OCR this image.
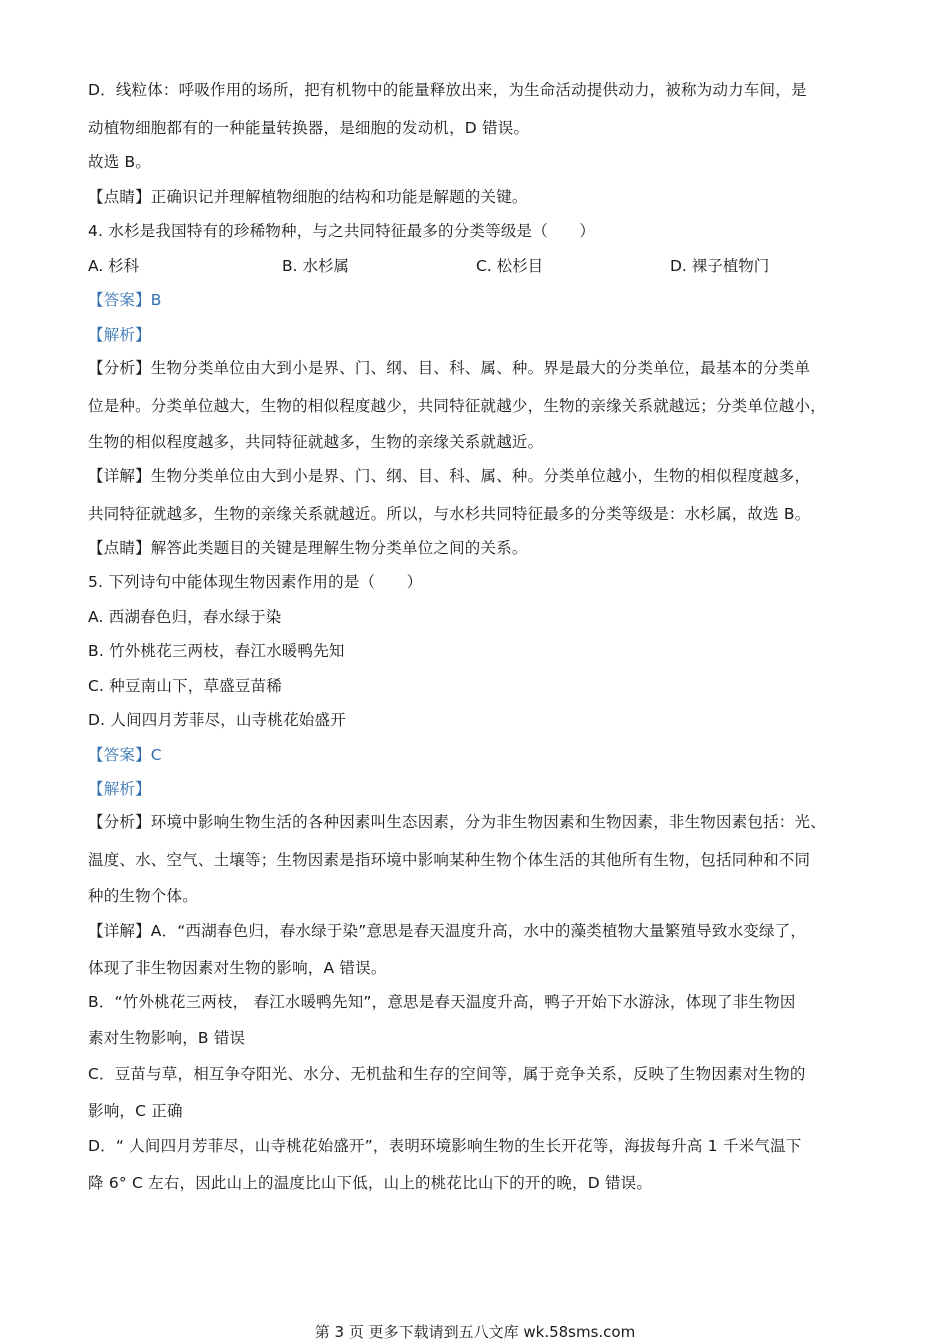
D．线粒体：呼吸作用的场所，把有机物中的能量释放出来，为生命活动提供动力，被称为动力车间，是
动植物细胞都有的一种能量转换器，是细胞的发动机，D 错误。
故选 B。
【点睛】正确识记并理解植物细胞的结构和功能是解题的关键。
4. 水杉是我国特有的珍稀物种，与之共同特征最多的分类等级是（　　）
A. 杉科	B. 水杉属	C. 松杉目	D. 裸子植物门
【答案】B
【解析】
【分析】生物分类单位由大到小是界、门、纲、目、科、属、种。界是最大的分类单位，最基本的分类单
位是种。分类单位越大，生物的相似程度越少，共同特征就越少，生物的亲缘关系就越远；分类单位越小，
生物的相似程度越多，共同特征就越多，生物的亲缘关系就越近。
【详解】生物分类单位由大到小是界、门、纲、目、科、属、种。分类单位越小，生物的相似程度越多，
共同特征就越多，生物的亲缘关系就越近。所以，与水杉共同特征最多的分类等级是：水杉属，故选 B。
【点睛】解答此类题目的关键是理解生物分类单位之间的关系。
5. 下列诗句中能体现生物因素作用的是（　　）
A. 西湖春色归，春水绿于染
B. 竹外桃花三两枝，春江水暖鸭先知
C. 种豆南山下，草盛豆苗稀
D. 人间四月芳菲尽，山寺桃花始盛开
【答案】C
【解析】
【分析】环境中影响生物生活的各种因素叫生态因素，分为非生物因素和生物因素，非生物因素包括：光、
温度、水、空气、土壤等；生物因素是指环境中影响某种生物个体生活的其他所有生物，包括同种和不同
种的生物个体。
【详解】A．“西湖春色归，春水绿于染”意思是春天温度升高，水中的藻类植物大量繁殖导致水变绿了，
体现了非生物因素对生物的影响，A 错误。
B．“竹外桃花三两枝， 春江水暖鸭先知”，意思是春天温度升高，鸭子开始下水游泳，体现了非生物因
素对生物影响，B 错误
C．豆苗与草，相互争夺阳光、水分、无机盐和生存的空间等，属于竞争关系，反映了生物因素对生物的
影响，C 正确
D．“ 人间四月芳菲尽，山寺桃花始盛开”，表明环境影响生物的生长开花等，海拔每升高 1 千米气温下
降 6° C 左右，因此山上的温度比山下低，山上的桃花比山下的开的晚，D 错误。
第 3 页 更多下载请到五八文库 wk.58sms.com
